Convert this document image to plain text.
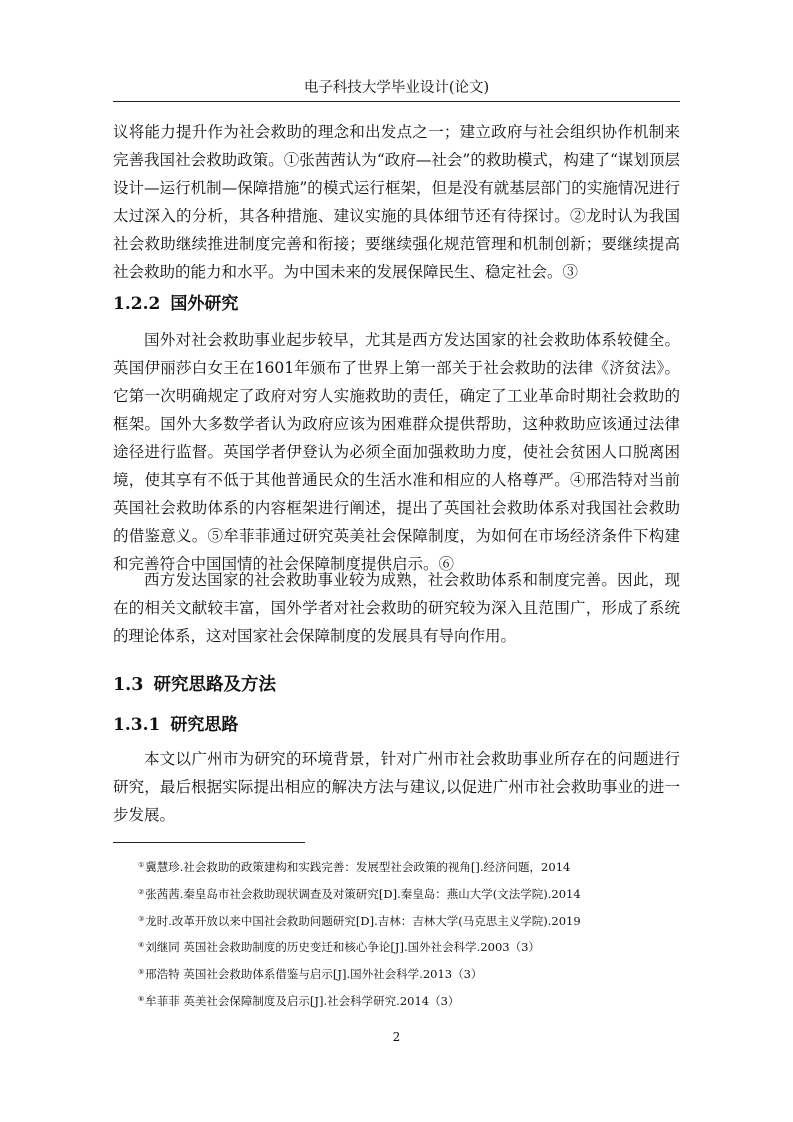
电子科技大学毕业设计(论文)

议将能力提升作为社会救助的理念和出发点之一；建立政府与社会组织协作机制来完善我国社会救助政策。①张茜茜认为“政府—社会”的救助模式，构建了“谋划顶层设计—运行机制—保障措施”的模式运行框架，但是没有就基层部门的实施情况进行太过深入的分析，其各种措施、建议实施的具体细节还有待探讨。②龙时认为我国社会救助继续推进制度完善和衔接；要继续强化规范管理和机制创新；要继续提高社会救助的能力和水平。为中国未来的发展保障民生、稳定社会。③

1.2.2 国外研究

国外对社会救助事业起步较早，尤其是西方发达国家的社会救助体系较健全。英国伊丽莎白女王在1601年颁布了世界上第一部关于社会救助的法律《济贫法》。它第一次明确规定了政府对穷人实施救助的责任，确定了工业革命时期社会救助的框架。国外大多数学者认为政府应该为困难群众提供帮助，这种救助应该通过法律途径进行监督。英国学者伊登认为必须全面加强救助力度，使社会贫困人口脱离困境，使其享有不低于其他普通民众的生活水准和相应的人格尊严。④邢浩特对当前英国社会救助体系的内容框架进行阐述，提出了英国社会救助体系对我国社会救助的借鉴意义。⑤牟菲菲通过研究英美社会保障制度，为如何在市场经济条件下构建和完善符合中国国情的社会保障制度提供启示。⑥

西方发达国家的社会救助事业较为成熟，社会救助体系和制度完善。因此，现在的相关文献较丰富，国外学者对社会救助的研究较为深入且范围广，形成了系统的理论体系，这对国家社会保障制度的发展具有导向作用。

1.3 研究思路及方法
1.3.1 研究思路

本文以广州市为研究的环境背景，针对广州市社会救助事业所存在的问题进行研究，最后根据实际提出相应的解决方法与建议,以促进广州市社会救助事业的进一步发展。

①冀慧珍.社会救助的政策建构和实践完善：发展型社会政策的视角[].经济问题，2014

②张茜茜.秦皇岛市社会救助现状调查及对策研究[D].秦皇岛：燕山大学(文法学院).2014

③龙时.改革开放以来中国社会救助问题研究[D].吉林：吉林大学(马克思主义学院).2019

④刘继同 英国社会救助制度的历史变迁和核心争论[J].国外社会科学.2003（3）

⑤邢浩特 英国社会救助体系借鉴与启示[J].国外社会科学.2013（3）

⑥牟菲菲 英美社会保障制度及启示[J].社会科学研究.2014（3）

2
